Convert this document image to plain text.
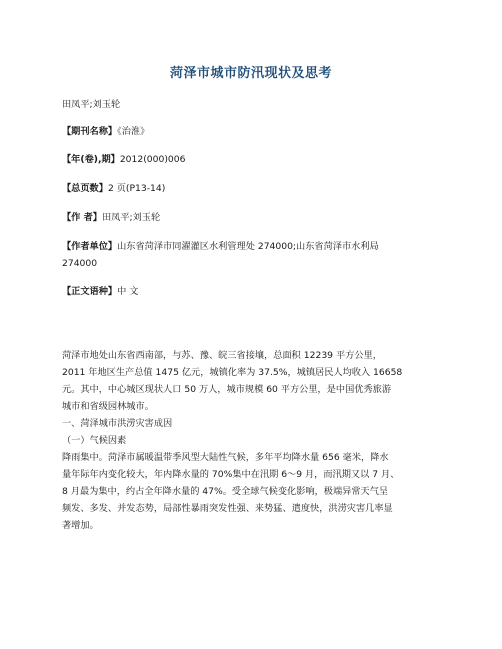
菏泽市城市防汛现状及思考
田凤平;刘玉轮
【期刊名称】《治淮》
【年(卷),期】2012(000)006
【总页数】2 页(P13-14)
【作 者】田凤平;刘玉轮
【作者单位】山东省菏泽市同濯灌区水利管理处 274000;山东省菏泽市水利局
274000
【正文语种】中 文
菏泽市地处山东省西南部，与苏、豫、皖三省接壤，总面积 12239 平方公里，
2011 年地区生产总值 1475 亿元，城镇化率为 37.5%，城镇居民人均收入 16658
元。其中，中心城区现状人口 50 万人，城市规模 60 平方公里，是中国优秀旅游
城市和省级园林城市。
一、菏泽城市洪涝灾害成因
（一）气候因素
降雨集中。菏泽市属暖温带季风型大陆性气候，多年平均降水量 656 毫米，降水
量年际年内变化较大，年内降水量的 70%集中在汛期 6～9 月，而汛期又以 7 月、
8 月最为集中，约占全年降水量的 47%。受全球气候变化影响，极端异常天气呈
频发、多发、并发态势，局部性暴雨突发性强、来势猛、遣度快，洪涝灾害几率显
著增加。
